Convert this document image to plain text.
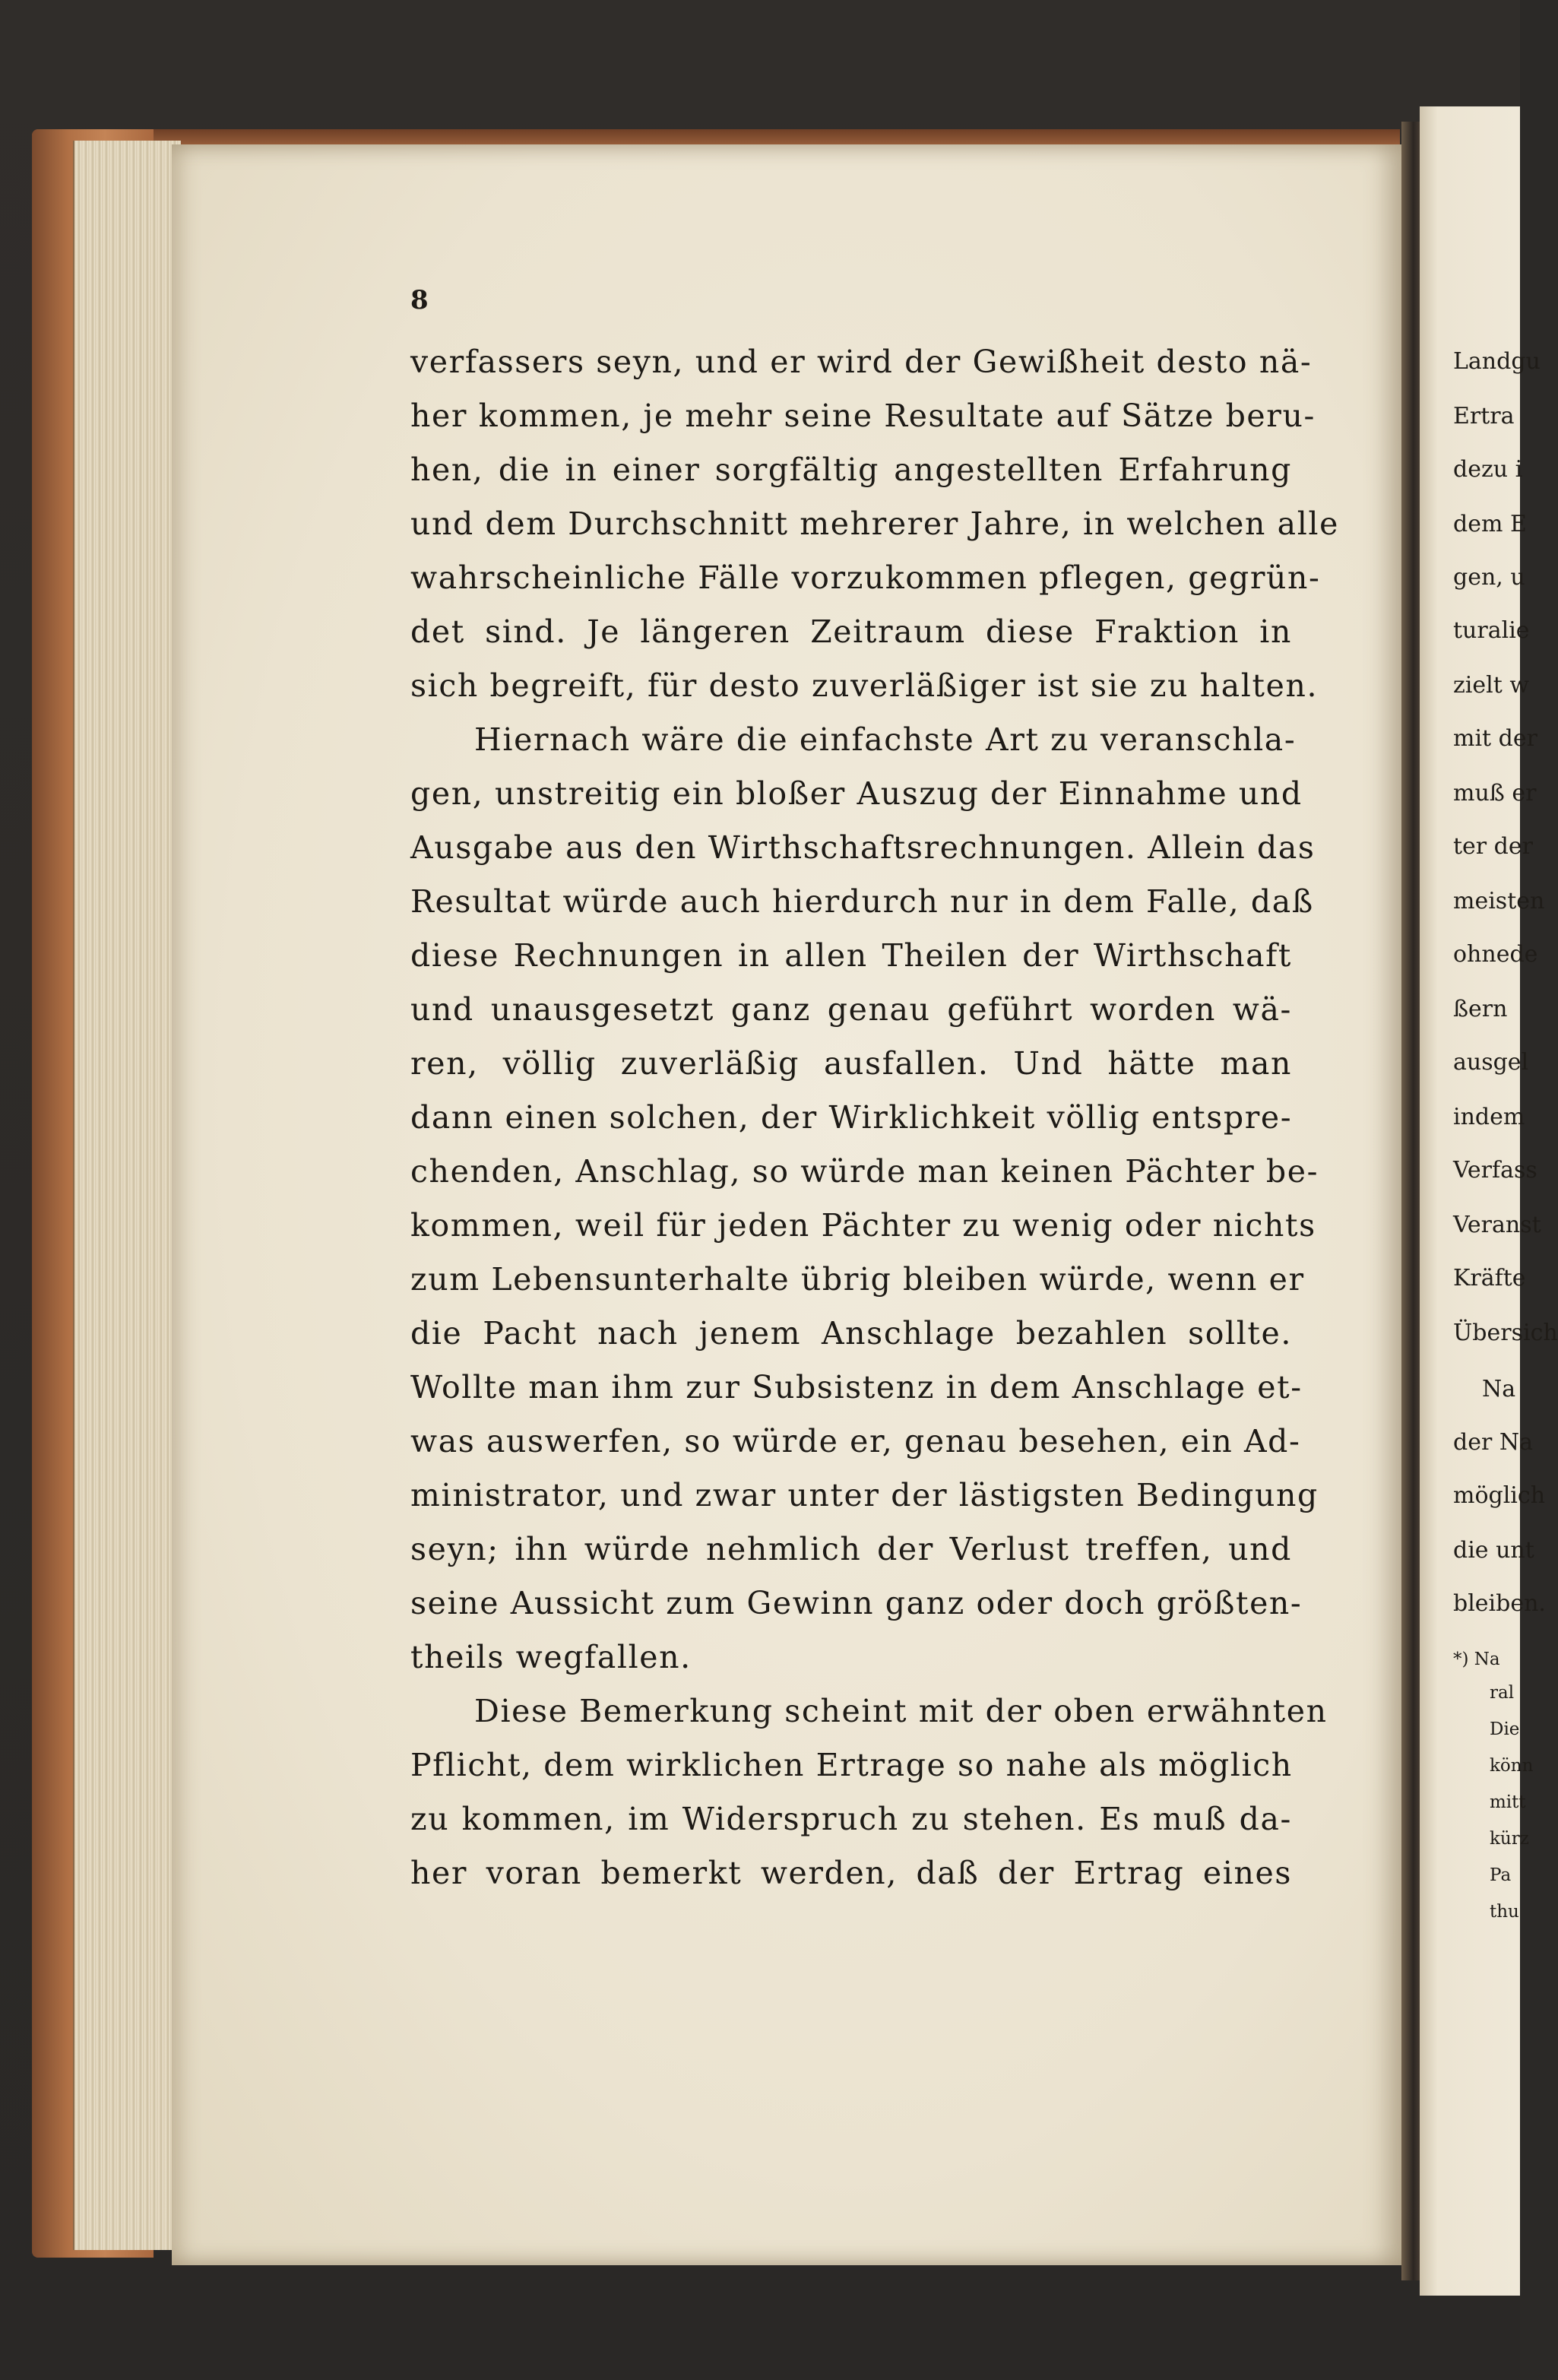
8
verfassers seyn, und er wird der Gewißheit desto nä-
her kommen, je mehr seine Resultate auf Sätze beru-
hen, die in einer sorgfältig angestellten Erfahrung
und dem Durchschnitt mehrerer Jahre, in welchen alle
wahrscheinliche Fälle vorzukommen pflegen, gegrün-
det sind. Je längeren Zeitraum diese Fraktion in
sich begreift, für desto zuverläßiger ist sie zu halten.
Hiernach wäre die einfachste Art zu veranschla-
gen, unstreitig ein bloßer Auszug der Einnahme und
Ausgabe aus den Wirthschaftsrechnungen. Allein das
Resultat würde auch hierdurch nur in dem Falle, daß
diese Rechnungen in allen Theilen der Wirthschaft
und unausgesetzt ganz genau geführt worden wä-
ren, völlig zuverläßig ausfallen. Und hätte man
dann einen solchen, der Wirklichkeit völlig entspre-
chenden, Anschlag, so würde man keinen Pächter be-
kommen, weil für jeden Pächter zu wenig oder nichts
zum Lebensunterhalte übrig bleiben würde, wenn er
die Pacht nach jenem Anschlage bezahlen sollte.
Wollte man ihm zur Subsistenz in dem Anschlage et-
was auswerfen, so würde er, genau besehen, ein Ad-
ministrator, und zwar unter der lästigsten Bedingung
seyn; ihn würde nehmlich der Verlust treffen, und
seine Aussicht zum Gewinn ganz oder doch größten-
theils wegfallen.
Diese Bemerkung scheint mit der oben erwähnten
Pflicht, dem wirklichen Ertrage so nahe als möglich
zu kommen, im Widerspruch zu stehen. Es muß da-
her voran bemerkt werden, daß der Ertrag eines
Landgu
Ertra
dezu i
dem E
gen, u
turalie
zielt w
mit der
muß er
ter der
meisten
ohnede
ßern
ausgel
indem
Verfass
Veranst
Kräfte
Übersich
Na
der Na
möglich
die unt
bleiben.
*) Na
ral
Die
könn
mitt
kürz
Pa
thu
